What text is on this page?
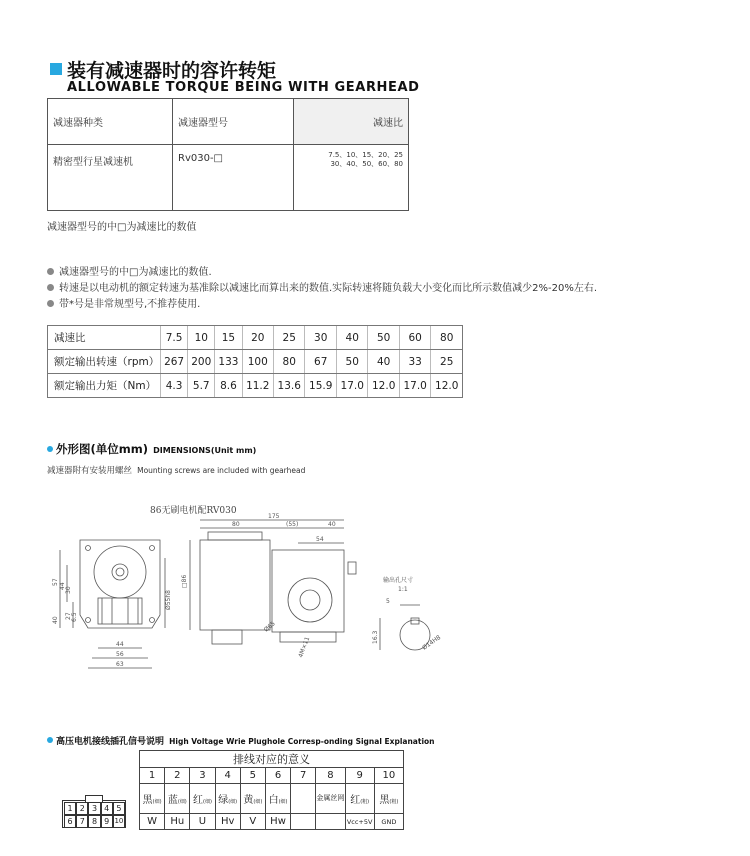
装有减速器时的容许转矩
ALLOWABLE TORQUE BEING WITH GEARHEAD
减速器种类	减速器型号	减速比
精密型行星减速机	Rv030-□	7.5、10、15、20、25
30、40、50、60、80
减速器型号的中□为减速比的数值
减速器型号的中□为减速比的数值.
转速是以电动机的额定转速为基准除以减速比而算出来的数值.实际转速将随负载大小变化而比所示数值减少2%-20%左右.
带*号是非常规型号,不推荐使用.
减速比	7.5	10	15	20	25	30	40	50	60	80
额定输出转速（rpm）	267	200	133	100	80	67	50	40	33	25
额定输出力矩（Nm）	4.3	5.7	8.6	11.2	13.6	15.9	17.0	12.0	17.0	12.0
外形图(单位mm) DIMENSIONS(Unit mm)
减速器附有安装用螺丝 Mounting screws are included with gearhead
86无刷电机配RV030
175
80	(55)	40
54
□86
Ø55h8
Ø65
4M×11
57
44
30
27 6.5
40
44
56
63
输出孔尺寸
1:1
5
16.3	Ø14H8
高压电机接线插孔信号说明 High Voltage Wrie Plughole Corresp-onding Signal Explanation
1 2 3 4 5
6 7 8 9 10
排线对应的意义									
1	2	3	4	5	6	7	8	9	10
黑(细)	蓝(细)	红(细)	绿(细)	黄(细)	白(细)		金属丝网	红(粗)	黑(粗)
W	Hu	U	Hv	V	Hw			Vcc+5V	GND
